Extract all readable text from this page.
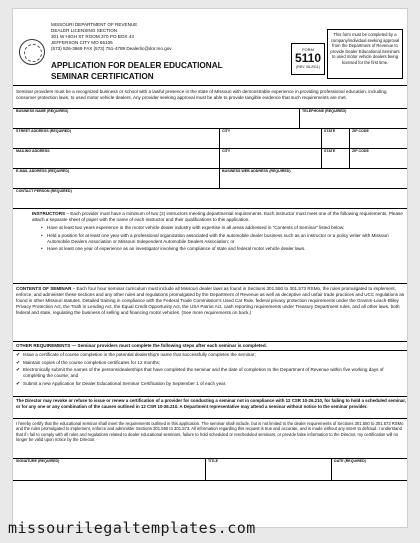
MISSOURI DEPARTMENT OF REVENUE
DEALER LICENSING SECTION
301 W HIGH ST ROOM 370 PO BOX 43
JEFFERSON CITY MO 65105
(573) 526-3669 FAX (573) 751-4789 Dealerlic@dor.mo.gov
APPLICATION FOR DEALER EDUCATIONAL
SEMINAR CERTIFICATION
FORM
5110
(REV. 08-2011)
This form must be completed by a company/individual seeking approval from the Department of Revenue to provide Dealer Educational Seminars to used motor vehicle dealers being licensed for the first time.
Seminar providers must be a recognized business or school with a lawful presence in the state of Missouri with demonstrable experience in providing professional education, including consumer protection laws, to used motor vehicle dealers. Any provider seeking approval must be able to provide tangible evidence that such requirements are met.
BUSINESS NAME (REQUIRED)	TELEPHONE (REQUIRED)
STREET ADDRESS (REQUIRED)	CITY	STATE	ZIP CODE
MAILING ADDRESS	CITY	STATE	ZIP CODE
E-MAIL ADDRESS (REQUIRED)	BUSINESS WEB ADDRESS (REQUIRED)
CONTACT PERSON (REQUIRED)
INSTRUCTORS – Each provider must have a minimum of two (2) instructors meeting departmental requirements. Each instructor must meet one of the following requirements. Please attach a separate sheet of paper with the name of each instructor and their qualifications to this application.
• Have at least two years experience in the motor vehicle dealer industry with expertise in all areas addressed in "Contents of Seminar" listed below;
• Held a position for at least one year with a professional organization associated with the automobile dealer business such as an instructor or a policy writer with Missouri Automobile Dealers Association or Missouri Independent Automobile Dealers Association; or
• Have at least one year of experience as an investigator involving the compliance of state and federal motor vehicle dealer laws.
CONTENTS OF SEMINAR – Each four hour seminar curriculum must include all Missouri dealer laws as found in Sections 301.550 to 301.573 RSMo, the rules promulgated to implement, enforce, and administer these sections and any other rules and regulations promulgated by the Department of Revenue as well as deceptive and unfair trade practices and UCC regulations as found in other Missouri statutes. Detailed training in compliance with the Federal Trade Commission's Used Car Rule, federal privacy protection requirements under the Gramm-Leach-Bliley Privacy Protection Act, the Truth in Lending Act, the Equal Credit Opportunity Act, the USA Patriot Act, cash reporting requirements under Treasury Department rules, and all other laws, both federal and state, regulating the business of selling and financing motor vehicles. (See more requirements on back.)
OTHER REQUIREMENTS — Seminar providers must complete the following steps after each seminar is completed.
✔ Issue a certificate of course completion in the potential dealership's name that successfully completes the seminar;
✔ Maintain copies of the course completion certificates for 12 months;
✔ Electronically submit the names of the persons/dealerships that have completed the seminar and the date of completion to the Department of Revenue within five working days of completing the course; and
✔ Submit a new Application for Dealer Educational Seminar Certification by September 1 of each year.
The Director may revoke or refuse to issue or renew a certification of a provider for conducting a seminar not in compliance with 12 CSR 10-26.210, for failing to hold a scheduled seminar, or for any one or any combination of the causes outlined in 12 CSR 10-26.210. A Department representative may attend a seminar without notice to the seminar provider.
I hereby certify that the educational seminar shall meet the requirements outlined in this application. The seminar shall include, but is not limited to the dealer requirements of Sections 301.550 to 301.573 RSMo and the rules promulgated to implement, enforce and administer Sections 301.550 to 301.573. All information regarding this request is true and accurate, and is made without any intent to defraud. I understand that if I fail to comply with all rules and regulations related to dealer educational seminars, failure to hold scheduled or rescheduled seminars, or provide false information to the Director, my certification will no longer be valid upon notice by the Director.
SIGNATURE (REQUIRED)	TITLE	DATE (REQUIRED)
missourilegaltemplates.com
